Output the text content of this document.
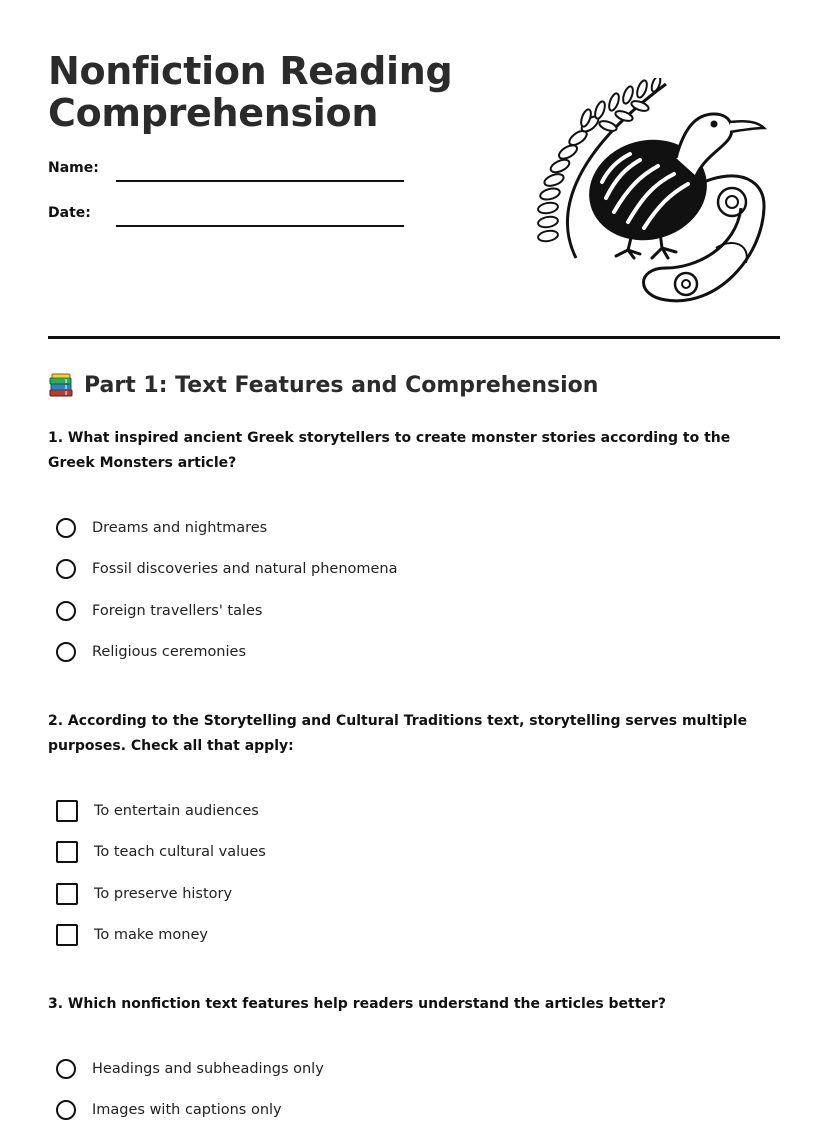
Nonfiction Reading Comprehension
Name:
Date:
Part 1: Text Features and Comprehension
1. What inspired ancient Greek storytellers to create monster stories according to the Greek Monsters article?
Dreams and nightmares
Fossil discoveries and natural phenomena
Foreign travellers' tales
Religious ceremonies
2. According to the Storytelling and Cultural Traditions text, storytelling serves multiple purposes. Check all that apply:
To entertain audiences
To teach cultural values
To preserve history
To make money
3. Which nonfiction text features help readers understand the articles better?
Headings and subheadings only
Images with captions only
